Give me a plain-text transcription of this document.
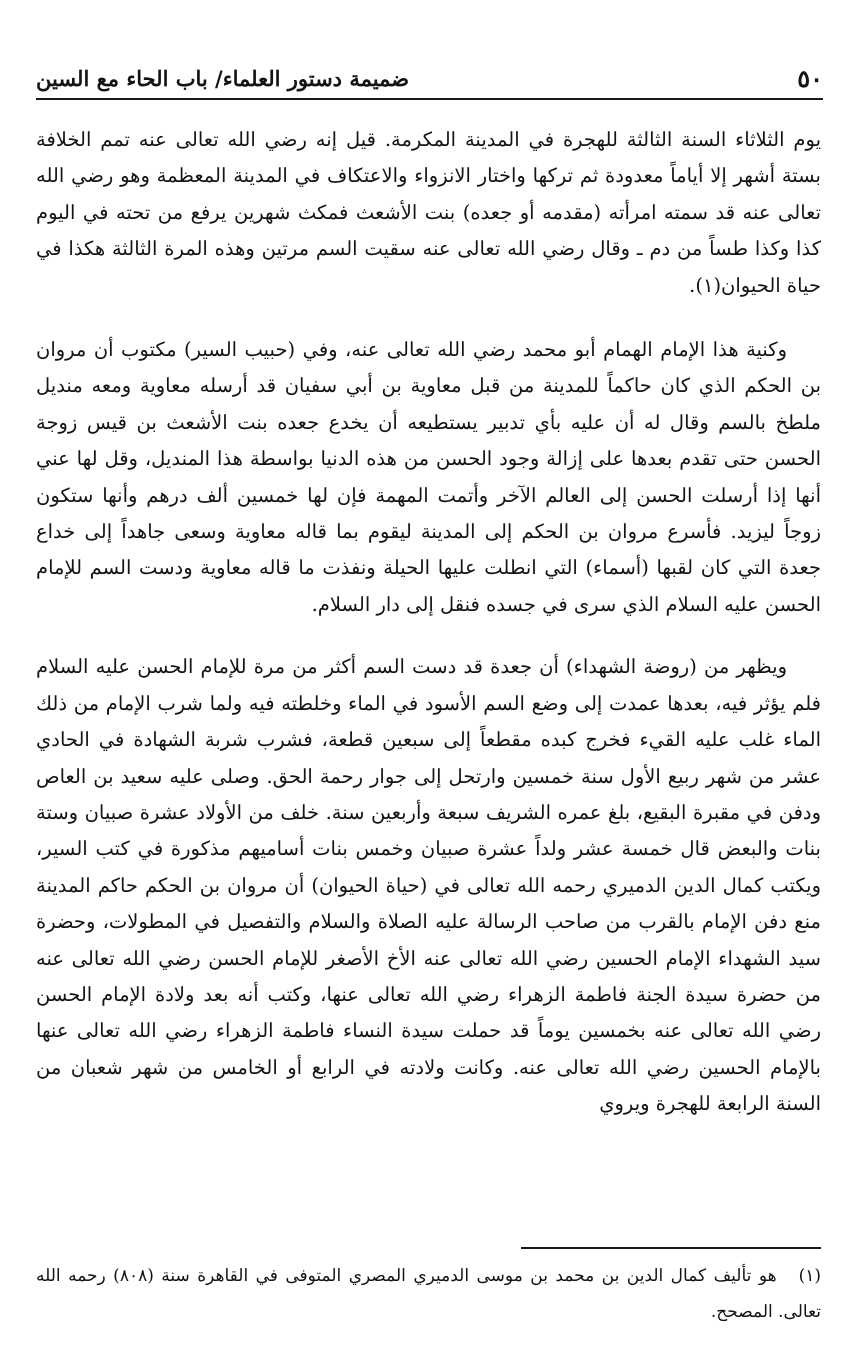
٥٠
ضميمة دستور العلماء/ باب الحاء مع السين

يوم الثلاثاء السنة الثالثة للهجرة في المدينة المكرمة. قيل إنه رضي الله تعالى عنه تمم الخلافة بستة أشهر إلا أياماً معدودة ثم تركها واختار الانزواء والاعتكاف في المدينة المعظمة وهو رضي الله تعالى عنه قد سمته امرأته (مقدمه أو جعده) بنت الأشعث فمكث شهرين يرفع من تحته في اليوم كذا وكذا طساً من دم ـ وقال رضي الله تعالى عنه سقيت السم مرتين وهذه المرة الثالثة هكذا في حياة الحيوان(١).

وكنية هذا الإمام الهمام أبو محمد رضي الله تعالى عنه، وفي (حبيب السير) مكتوب أن مروان بن الحكم الذي كان حاكماً للمدينة من قبل معاوية بن أبي سفيان قد أرسله معاوية ومعه منديل ملطخ بالسم وقال له أن عليه بأي تدبير يستطيعه أن يخدع جعده بنت الأشعث بن قيس زوجة الحسن حتى تقدم بعدها على إزالة وجود الحسن من هذه الدنيا بواسطة هذا المنديل، وقل لها عني أنها إذا أرسلت الحسن إلى العالم الآخر وأتمت المهمة فإن لها خمسين ألف درهم وأنها ستكون زوجاً ليزيد. فأسرع مروان بن الحكم إلى المدينة ليقوم بما قاله معاوية وسعى جاهداً إلى خداع جعدة التي كان لقبها (أسماء) التي انطلت عليها الحيلة ونفذت ما قاله معاوية ودست السم للإمام الحسن عليه السلام الذي سرى في جسده فنقل إلى دار السلام.

ويظهر من (روضة الشهداء) أن جعدة قد دست السم أكثر من مرة للإمام الحسن عليه السلام فلم يؤثر فيه، بعدها عمدت إلى وضع السم الأسود في الماء وخلطته فيه ولما شرب الإمام من ذلك الماء غلب عليه القيء فخرج كبده مقطعاً إلى سبعين قطعة، فشرب شربة الشهادة في الحادي عشر من شهر ربيع الأول سنة خمسين وارتحل إلى جوار رحمة الحق. وصلى عليه سعيد بن العاص ودفن في مقبرة البقيع، بلغ عمره الشريف سبعة وأربعين سنة. خلف من الأولاد عشرة صبيان وستة بنات والبعض قال خمسة عشر ولداً عشرة صبيان وخمس بنات أساميهم مذكورة في كتب السير، ويكتب كمال الدين الدميري رحمه الله تعالى في (حياة الحيوان) أن مروان بن الحكم حاكم المدينة منع دفن الإمام بالقرب من صاحب الرسالة عليه الصلاة والسلام والتفصيل في المطولات، وحضرة سيد الشهداء الإمام الحسين رضي الله تعالى عنه الأخ الأصغر للإمام الحسن رضي الله تعالى عنه من حضرة سيدة الجنة فاطمة الزهراء رضي الله تعالى عنها، وكتب أنه بعد ولادة الإمام الحسن رضي الله تعالى عنه بخمسين يوماً قد حملت سيدة النساء فاطمة الزهراء رضي الله تعالى عنها بالإمام الحسين رضي الله تعالى عنه. وكانت ولادته في الرابع أو الخامس من شهر شعبان من السنة الرابعة للهجرة ويروي

(١)هو تأليف كمال الدين بن محمد بن موسى الدميري المصري المتوفى في القاهرة سنة (٨٠٨) رحمه الله تعالى. المصحح.
